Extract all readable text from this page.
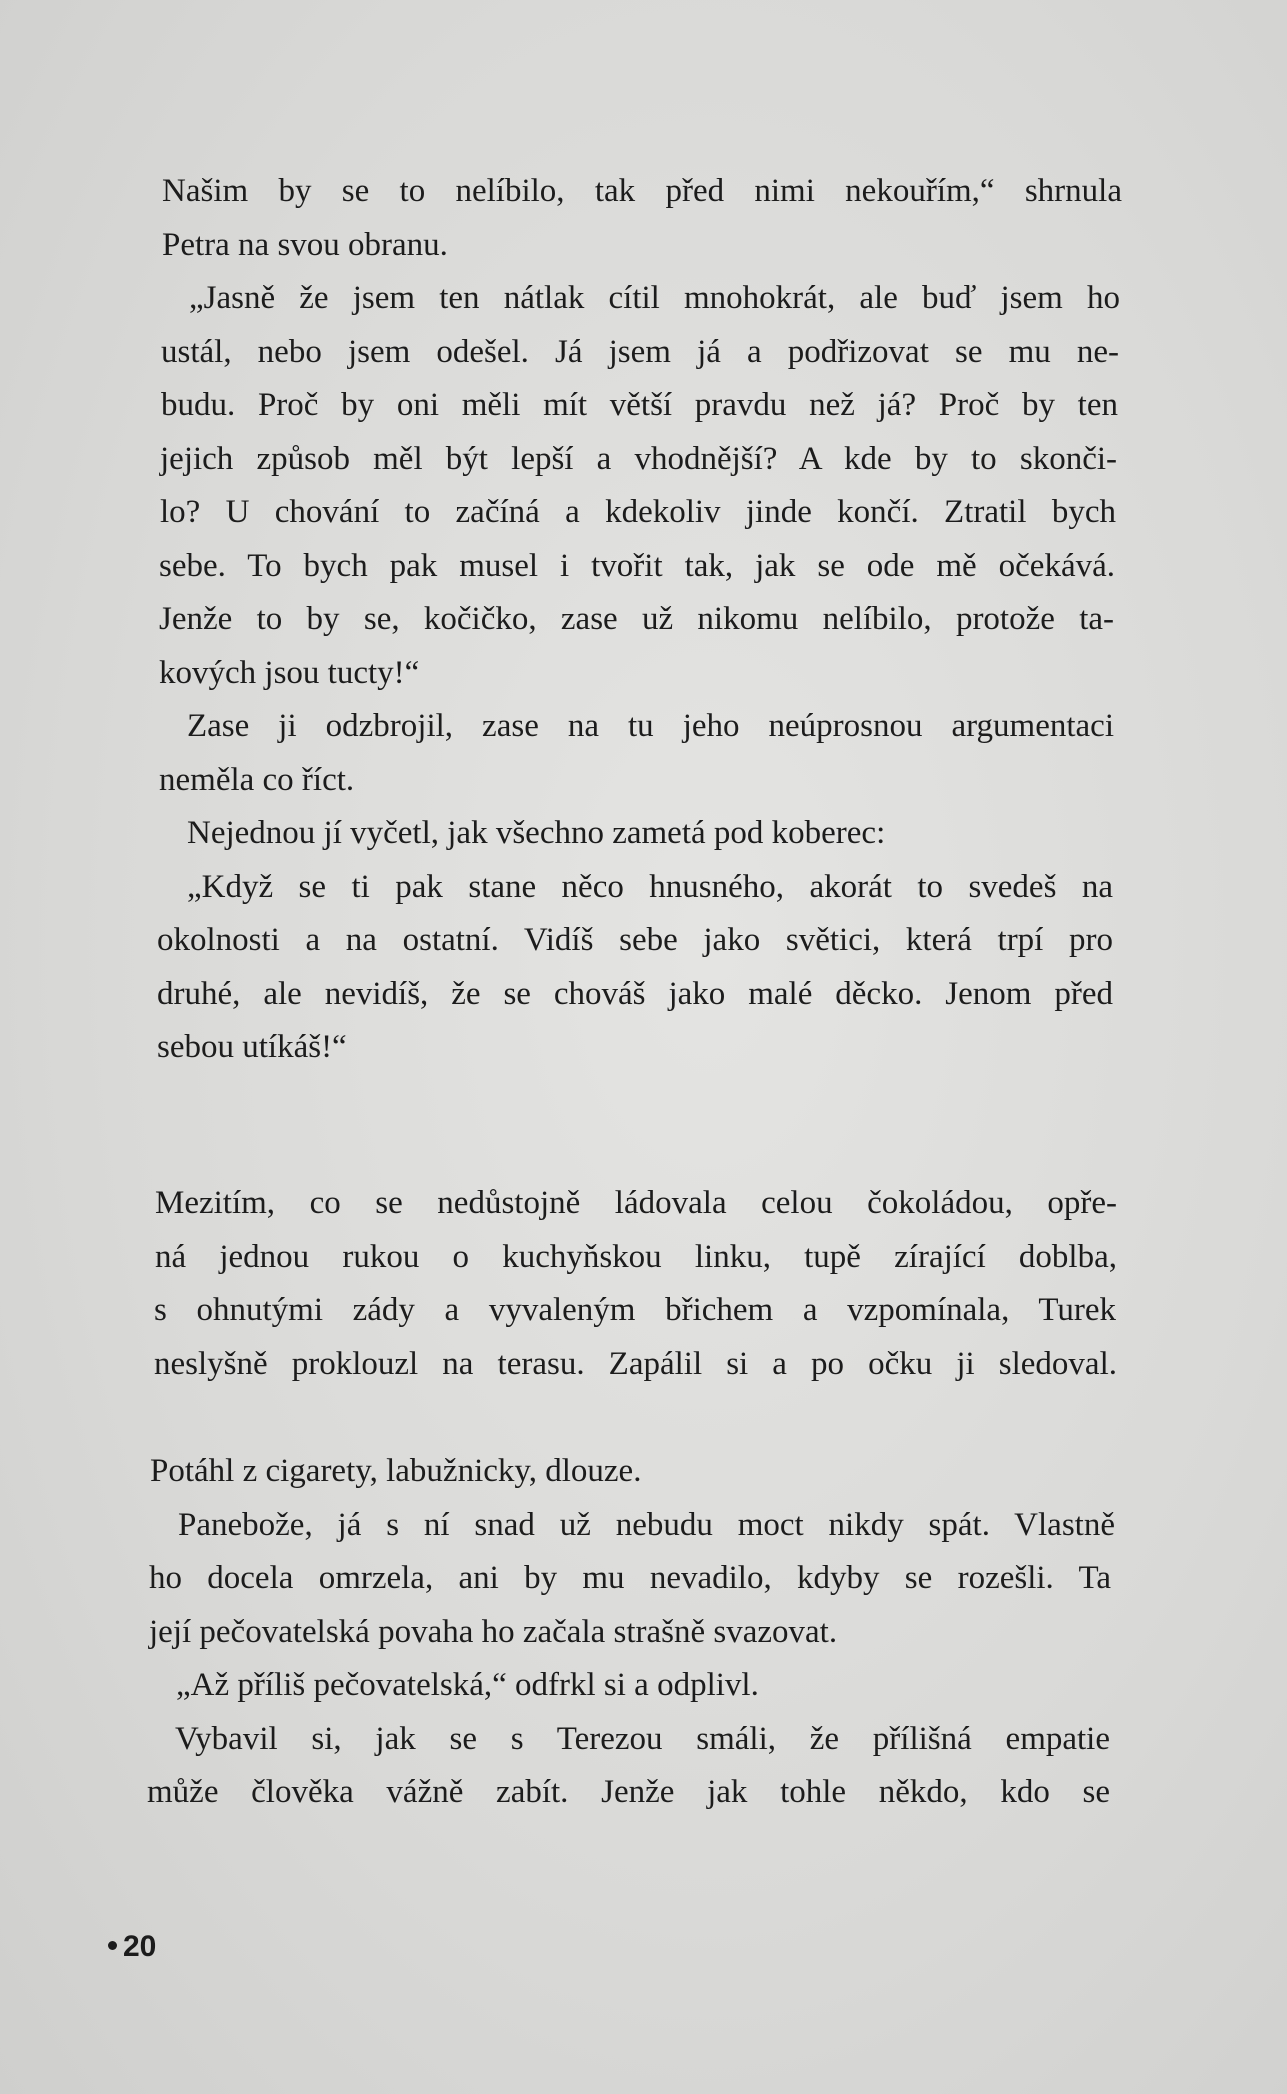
Našim by se to nelíbilo, tak před nimi nekouřím,“ shrnula
Petra na svou obranu.
„Jasně že jsem ten nátlak cítil mnohokrát, ale buď jsem ho
ustál, nebo jsem odešel. Já jsem já a podřizovat se mu ne-
budu. Proč by oni měli mít větší pravdu než já? Proč by ten
jejich způsob měl být lepší a vhodnější? A kde by to skonči-
lo? U chování to začíná a kdekoliv jinde končí. Ztratil bych
sebe. To bych pak musel i tvořit tak, jak se ode mě očekává.
Jenže to by se, kočičko, zase už nikomu nelíbilo, protože ta-
kových jsou tucty!“
Zase ji odzbrojil, zase na tu jeho neúprosnou argumentaci
neměla co říct.
Nejednou jí vyčetl, jak všechno zametá pod koberec:
„Když se ti pak stane něco hnusného, akorát to svedeš na
okolnosti a na ostatní. Vidíš sebe jako světici, která trpí pro
druhé, ale nevidíš, že se chováš jako malé děcko. Jenom před
sebou utíkáš!“
Mezitím, co se nedůstojně ládovala celou čokoládou, opře-
ná jednou rukou o kuchyňskou linku, tupě zírající doblba,
s ohnutými zády a vyvaleným břichem a vzpomínala, Turek
neslyšně proklouzl na terasu. Zapálil si a po očku ji sledoval.
Potáhl z cigarety, labužnicky, dlouze.
Panebože, já s ní snad už nebudu moct nikdy spát. Vlastně
ho docela omrzela, ani by mu nevadilo, kdyby se rozešli. Ta
její pečovatelská povaha ho začala strašně svazovat.
„Až příliš pečovatelská,“ odfrkl si a odplivl.
Vybavil si, jak se s Terezou smáli, že přílišná empatie
může člověka vážně zabít. Jenže jak tohle někdo, kdo se
20
